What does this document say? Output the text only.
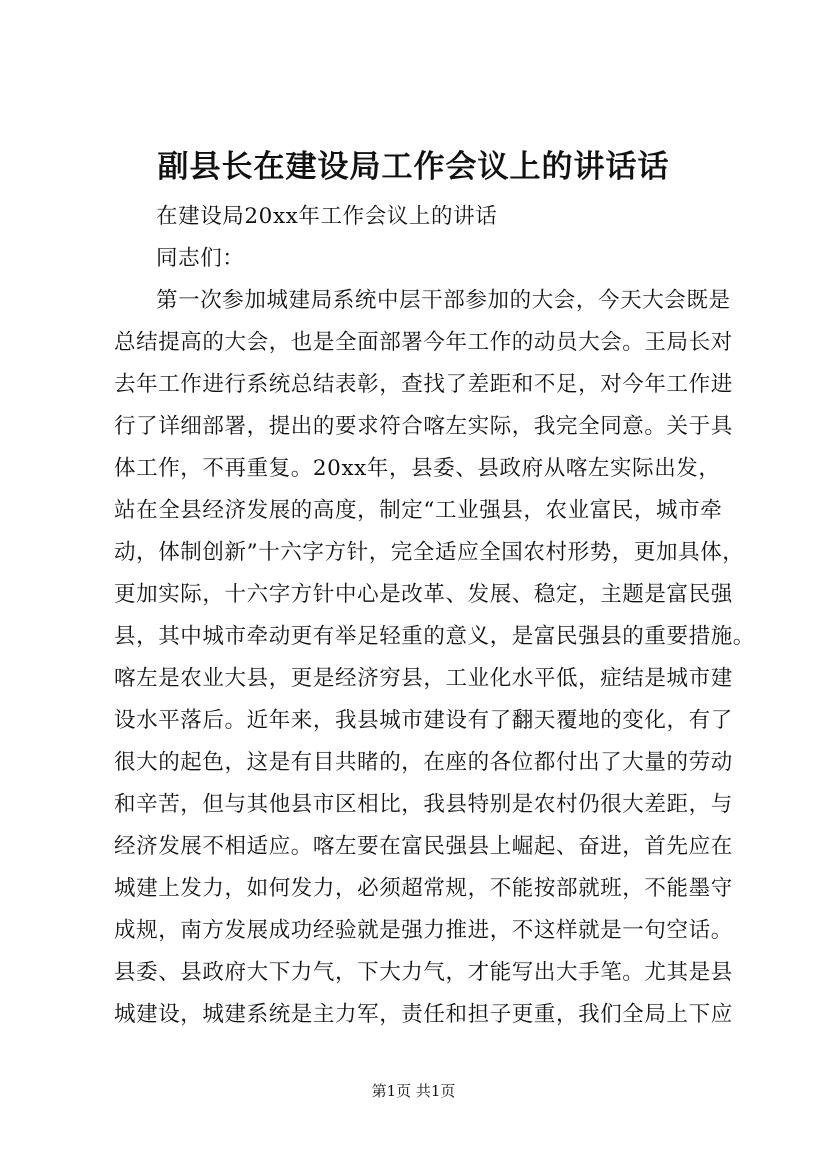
副县长在建设局工作会议上的讲话话
在建设局20xx年工作会议上的讲话
同志们：
第一次参加城建局系统中层干部参加的大会，今天大会既是
总结提高的大会，也是全面部署今年工作的动员大会。王局长对
去年工作进行系统总结表彰，查找了差距和不足，对今年工作进
行了详细部署，提出的要求符合喀左实际，我完全同意。关于具
体工作，不再重复。20xx年，县委、县政府从喀左实际出发，
站在全县经济发展的高度，制定“工业强县，农业富民，城市牵
动，体制创新”十六字方针，完全适应全国农村形势，更加具体，
更加实际，十六字方针中心是改革、发展、稳定，主题是富民强
县，其中城市牵动更有举足轻重的意义，是富民强县的重要措施。
喀左是农业大县，更是经济穷县，工业化水平低，症结是城市建
设水平落后。近年来，我县城市建设有了翻天覆地的变化，有了
很大的起色，这是有目共睹的，在座的各位都付出了大量的劳动
和辛苦，但与其他县市区相比，我县特别是农村仍很大差距，与
经济发展不相适应。喀左要在富民强县上崛起、奋进，首先应在
城建上发力，如何发力，必须超常规，不能按部就班，不能墨守
成规，南方发展成功经验就是强力推进，不这样就是一句空话。
县委、县政府大下力气，下大力气，才能写出大手笔。尤其是县
城建设，城建系统是主力军，责任和担子更重，我们全局上下应
第1页 共1页
